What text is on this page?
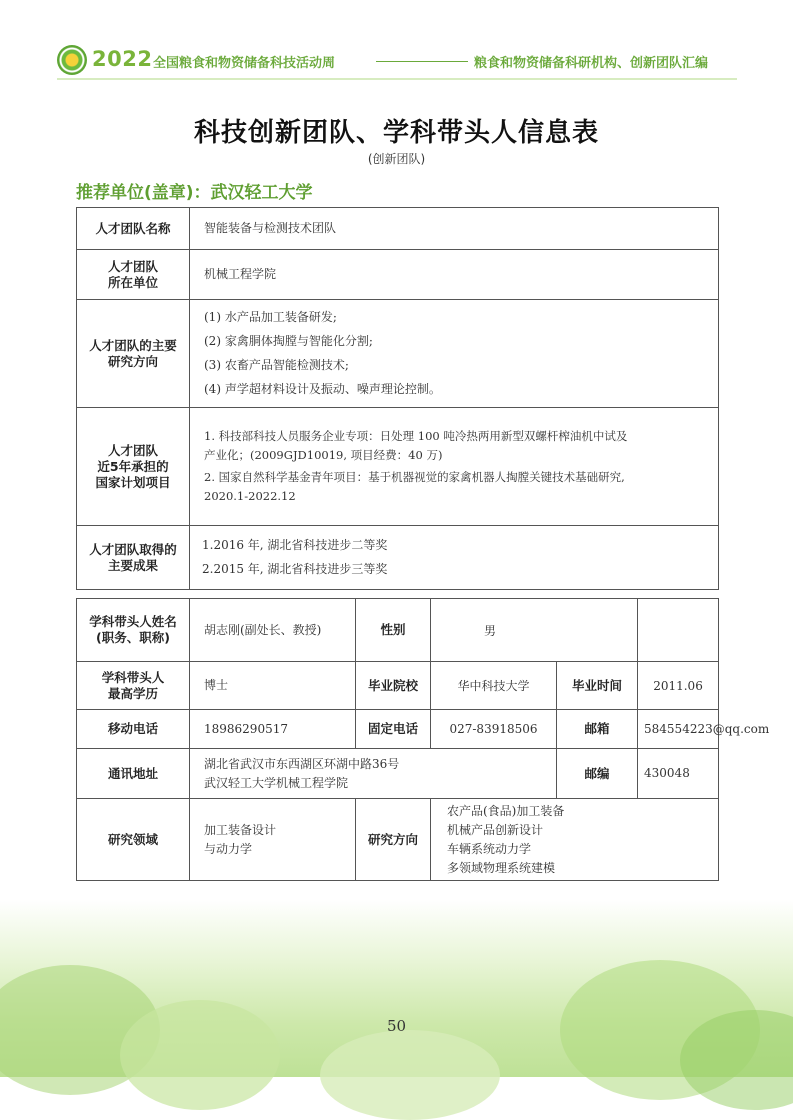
2022 全国粮食和物资储备科技活动周	粮食和物资储备科研机构、创新团队汇编
科技创新团队、学科带头人信息表
(创新团队)
推荐单位(盖章)：武汉轻工大学
人才团队名称	智能装备与检测技术团队

人才团队
所在单位	机械工程学院

人才团队的主要
研究方向	(1) 水产品加工装备研发;
(2) 家禽胴体掏膛与智能化分割;
(3) 农畜产品智能检测技术;
(4) 声学超材料设计及振动、噪声理论控制。

人才团队
近5年承担的
国家计划项目	1. 科技部科技人员服务企业专项：日处理 100 吨冷热两用新型双螺杆榨油机中试及
产业化；(2009GJD10019, 项目经费：40 万)
2. 国家自然科学基金青年项目：基于机器视觉的家禽机器人掏膛关键技术基础研究,
2020.1-2022.12

人才团队取得的
主要成果	1.2016 年, 湖北省科技进步二等奖
2.2015 年, 湖北省科技进步三等奖
学科带头人姓名
(职务、职称)	胡志刚(副处长、教授)	性别	男		

学科带头人
最高学历	博士	毕业院校	华中科技大学	毕业时间	2011.06
移动电话	18986290517	固定电话	027-83918506	邮箱	584554223@qq.com
通讯地址	湖北省武汉市东西湖区环湖中路36号
武汉轻工大学机械工程学院			邮编	430048
研究领域	加工装备设计
与动力学	研究方向	农产品(食品)加工装备
机械产品创新设计
车辆系统动力学
多领域物理系统建模		
50
